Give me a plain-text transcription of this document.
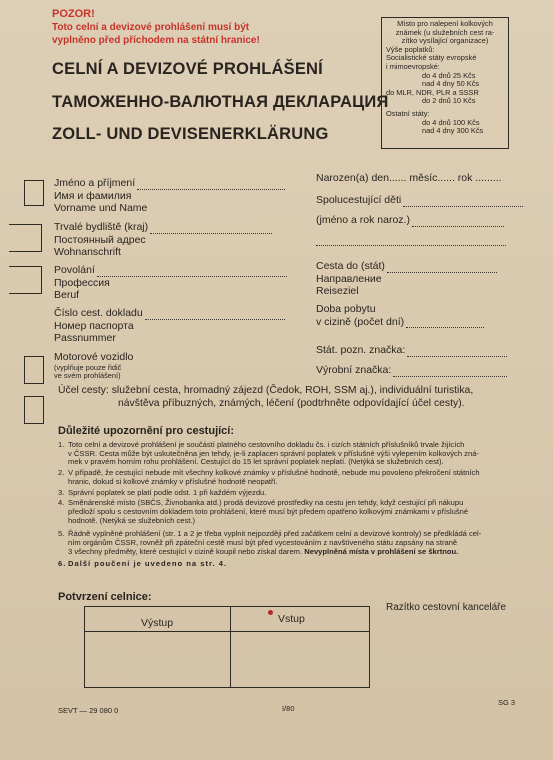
POZOR!
Toto celní a devizové prohlášení musí být
vyplněno před příchodem na státní hranice!
CELNÍ A DEVIZOVÉ PROHLÁŠENÍ
ТАМОЖЕННО-ВАЛЮТНАЯ ДЕКЛАРАЦИЯ
ZOLL- UND DEVISENERKLÄRUNG
Místo pro nalepení kolkových
známek (u služebních cest ra-
zítko vysílající organizace)
Výše poplatků:
Socialistické státy evropské
i mimoevropské:
do 4 dnů 25 Kčs
nad 4 dny 50 Kčs
do MLR, NDR, PLR a SSSR
do 2 dnů 10 Kčs
Ostatní státy:
do 4 dnů 100 Kčs
nad 4 dny 300 Kčs
Jméno a příjmení
Имя и фамилия
Vorname und Name
Trvalé bydliště (kraj)
Постоянный адрес
Wohnanschrift
Povolání
Профессия
Beruf
Číslo cest. dokladu
Номер паспорта
Passnummer
Motorové vozidlo
(vyplňuje pouze řidič
ve svém prohlášení)
Narozen(a) den...... měsíc...... rok .........
Spolucestující děti
(jméno a rok naroz.)
Cesta do (stát)
Направление
Reiseziel
Doba pobytu
v cizině (počet dní)
Stát. pozn. značka:
Výrobní značka:
Účel cesty: služební cesta, hromadný zájezd (Čedok, ROH, SSM aj.), individuální turistika,
návštěva příbuzných, známých, léčení (podtrhněte odpovídající účel cesty).
Důležité upozornění pro cestující:
1. Toto celní a devizové prohlášení je součástí platného cestovního dokladu čs. i cizích státních příslušníků trvale žijících
v ČSSR. Cesta může být uskutečněna jen tehdy, je-li zaplacen správní poplatek v příslušné výši vylepením kolkových zná-
mek v pravém horním rohu prohlášení. Cestující do 15 let správní poplatek neplatí. (Netýká se služebních cest).
2. V případě, že cestující nebude mít všechny kolkové známky v příslušné hodnotě, nebude mu povoleno překročení státních
hranic, dokud si kolkové známky v příslušné hodnotě neopatří.
3. Správní poplatek se platí podle odst. 1 při každém výjezdu.
4. Směnárenské místo (SBČS, Živnobanka atd.) prodá devizové prostředky na cestu jen tehdy, když cestující při nákupu
předloží spolu s cestovním dokladem toto prohlášení, které musí být předem opatřeno kolkovými známkami v příslušné
hodnotě. (Netýká se služebních cest.)
5. Řádně vyplněné prohlášení (str. 1 a 2 je třeba vyplnit nejpozději před začátkem celní a devizové kontroly) se předkládá cel-
ním orgánům ČSSR, rovněž při zpáteční cestě musí být před vycestováním z navštíveného státu zapsány na straně
3 všechny předměty, které cestující v cizině koupil nebo získal darem. Nevyplněná místa v prohlášení se škrtnou.
6. Další poučení je uvedeno na str. 4.
Potvrzení celnice:
Razítko cestovní kanceláře
Výstup	Vstup
SEVT — 29 080 0	I/80
SG 3
